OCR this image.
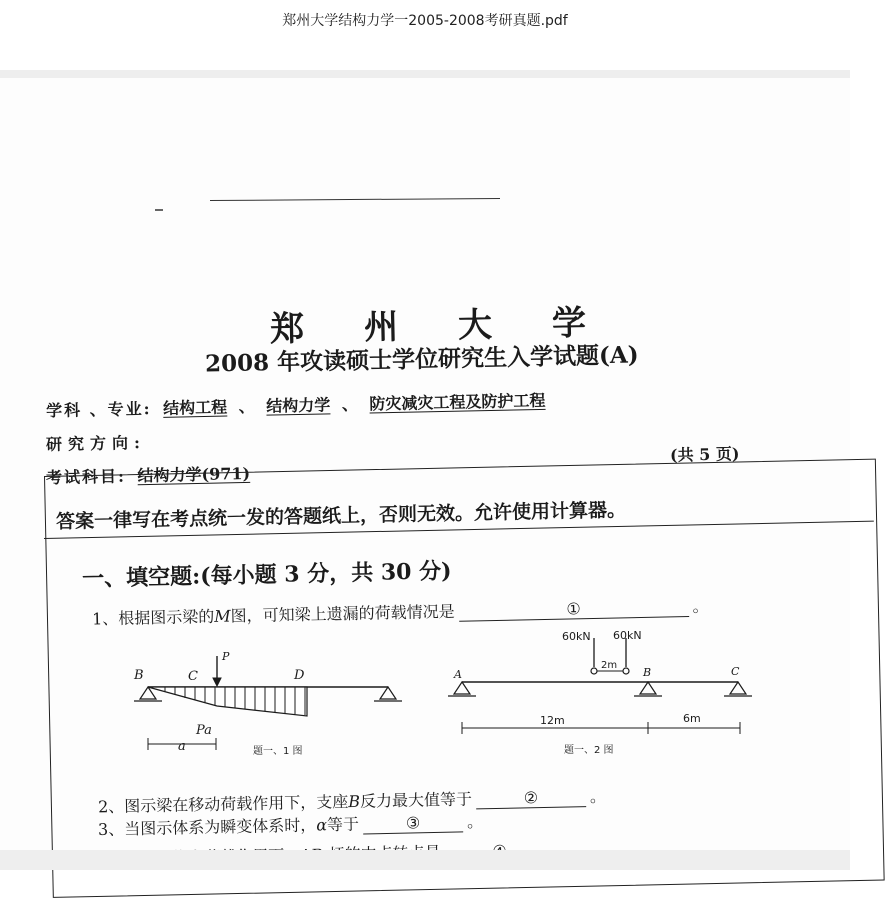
郑州大学结构力学一2005-2008考研真题.pdf
郑州大学
2008 年攻读硕士学位研究生入学试题(A)
学科 、专业: 结构工程 、 结构力学 、 防灾减灾工程及防护工程
研究方向:
考试科目: 结构力学(971)
(共 5 页)
答案一律写在考点统一发的答题纸上，否则无效。允许使用计算器。
一、填空题:(每小题 3 分，共 30 分)
1、根据图示梁的M图，可知梁上遗漏的荷载情况是	①	。
B	C	D
P
Pa
a	题一、1 图
60kN 60kN
2m
A	B	C
12m	6m
题一、2 图
2、图示梁在移动荷载作用下，支座B反力最大值等于	②	。
3、当图示体系为瞬变体系时，α等于	③	。
